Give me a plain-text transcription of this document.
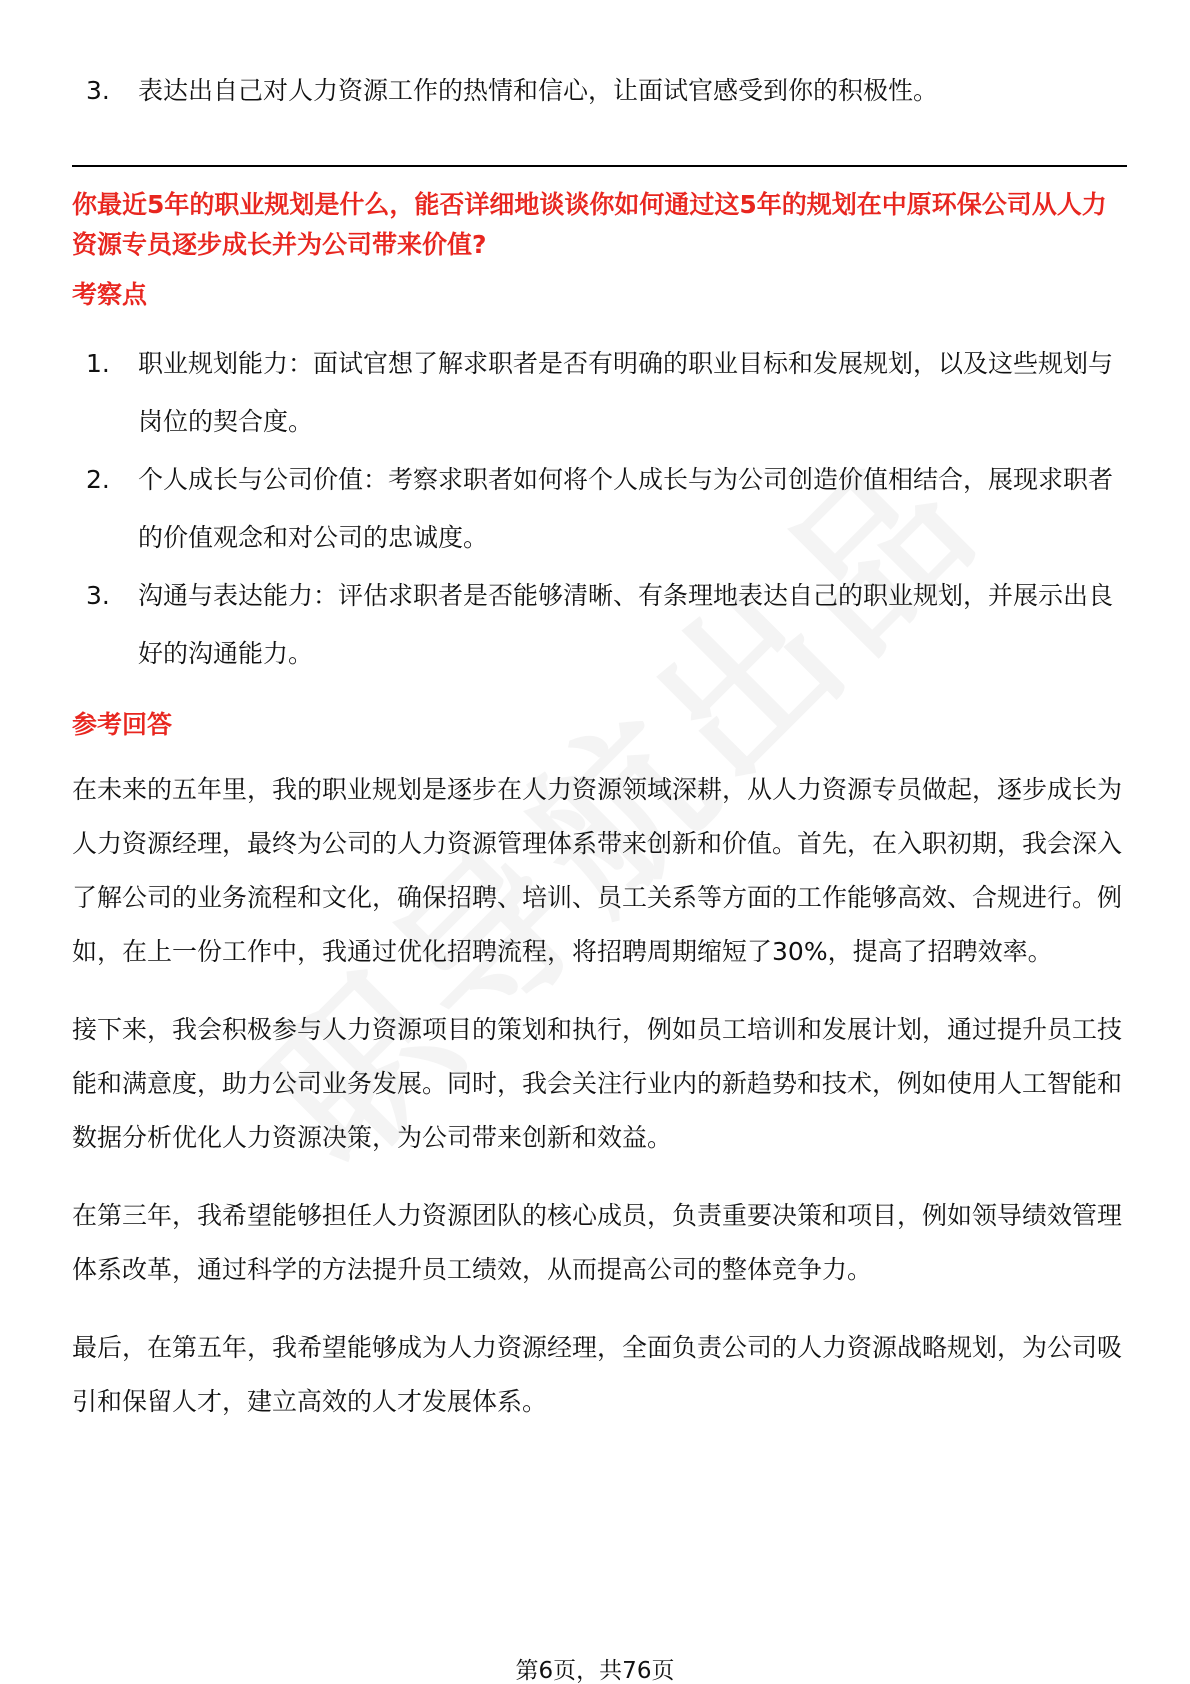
3.	表达出自己对人力资源工作的热情和信心，让面试官感受到你的积极性。

你最近5年的职业规划是什么，能否详细地谈谈你如何通过这5年的规划在中原环保公司从人力资源专员逐步成长并为公司带来价值?

考察点
1.	职业规划能力：面试官想了解求职者是否有明确的职业目标和发展规划，以及这些规划与岗位的契合度。
2.	个人成长与公司价值：考察求职者如何将个人成长与为公司创造价值相结合，展现求职者的价值观念和对公司的忠诚度。
3.	沟通与表达能力：评估求职者是否能够清晰、有条理地表达自己的职业规划，并展示出良好的沟通能力。
参考回答

在未来的五年里，我的职业规划是逐步在人力资源领域深耕，从人力资源专员做起，逐步成长为人力资源经理，最终为公司的人力资源管理体系带来创新和价值。首先，在入职初期，我会深入了解公司的业务流程和文化，确保招聘、培训、员工关系等方面的工作能够高效、合规进行。例如，在上一份工作中，我通过优化招聘流程，将招聘周期缩短了30%，提高了招聘效率。

接下来，我会积极参与人力资源项目的策划和执行，例如员工培训和发展计划，通过提升员工技能和满意度，助力公司业务发展。同时，我会关注行业内的新趋势和技术，例如使用人工智能和数据分析优化人力资源决策，为公司带来创新和效益。

在第三年，我希望能够担任人力资源团队的核心成员，负责重要决策和项目，例如领导绩效管理体系改革，通过科学的方法提升员工绩效，从而提高公司的整体竞争力。

最后，在第五年，我希望能够成为人力资源经理，全面负责公司的人力资源战略规划，为公司吸引和保留人才，建立高效的人才发展体系。

第6页，共76页
